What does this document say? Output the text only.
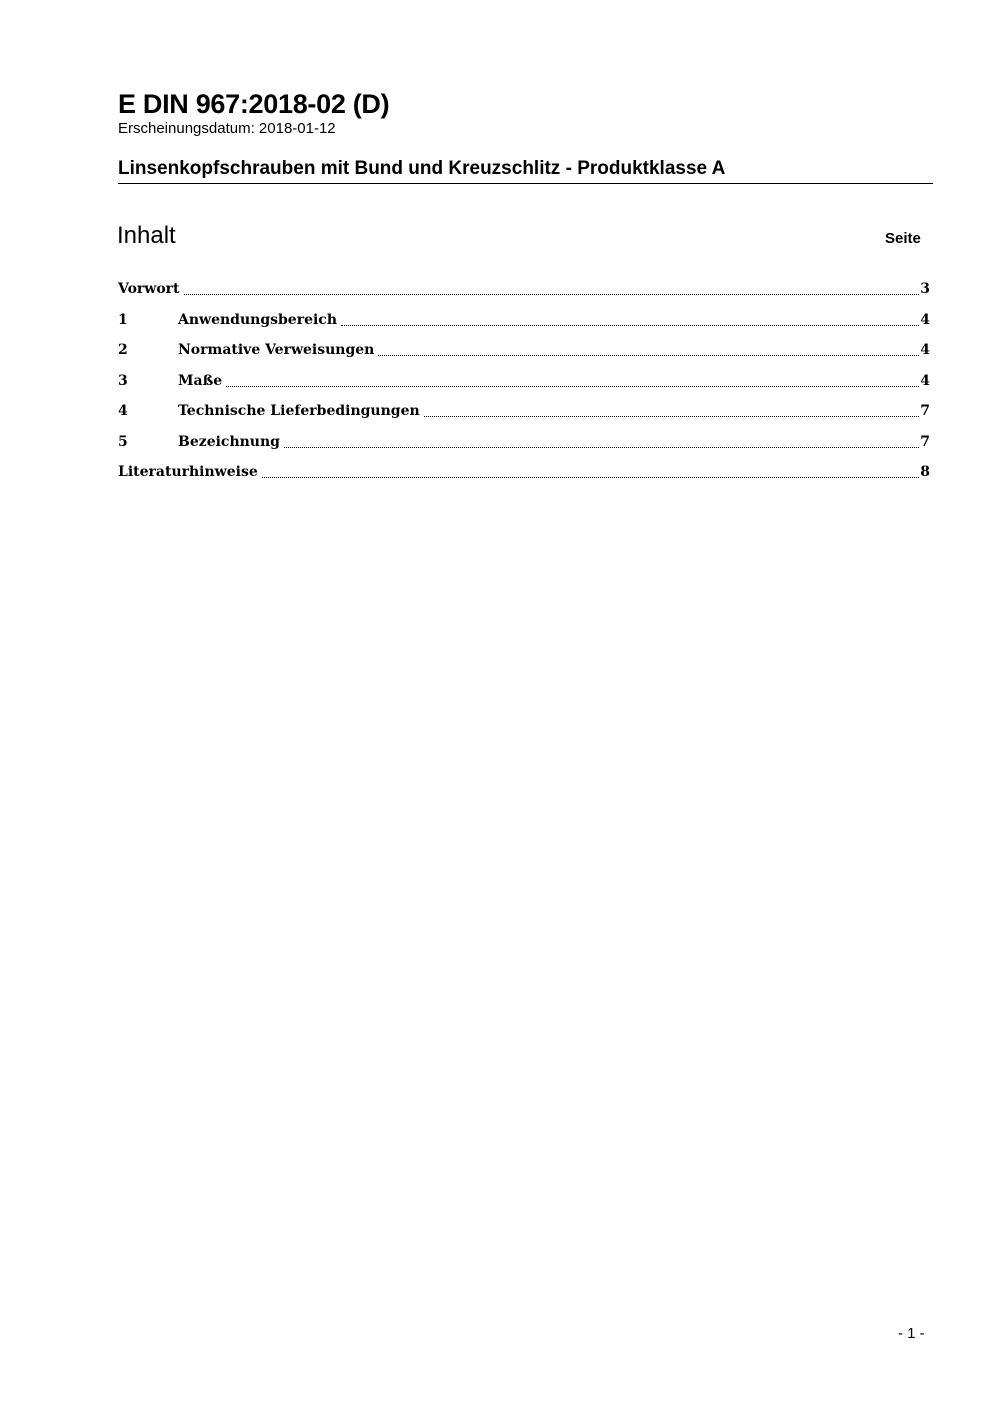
E DIN 967:2018-02 (D)
Erscheinungsdatum: 2018-01-12
Linsenkopfschrauben mit Bund und Kreuzschlitz - Produktklasse A
Inhalt	Seite
Vorwort	3
1	Anwendungsbereich	4
2	Normative Verweisungen	4
3	Maße	4
4	Technische Lieferbedingungen	7
5	Bezeichnung	7
Literaturhinweise	8
- 1 -
